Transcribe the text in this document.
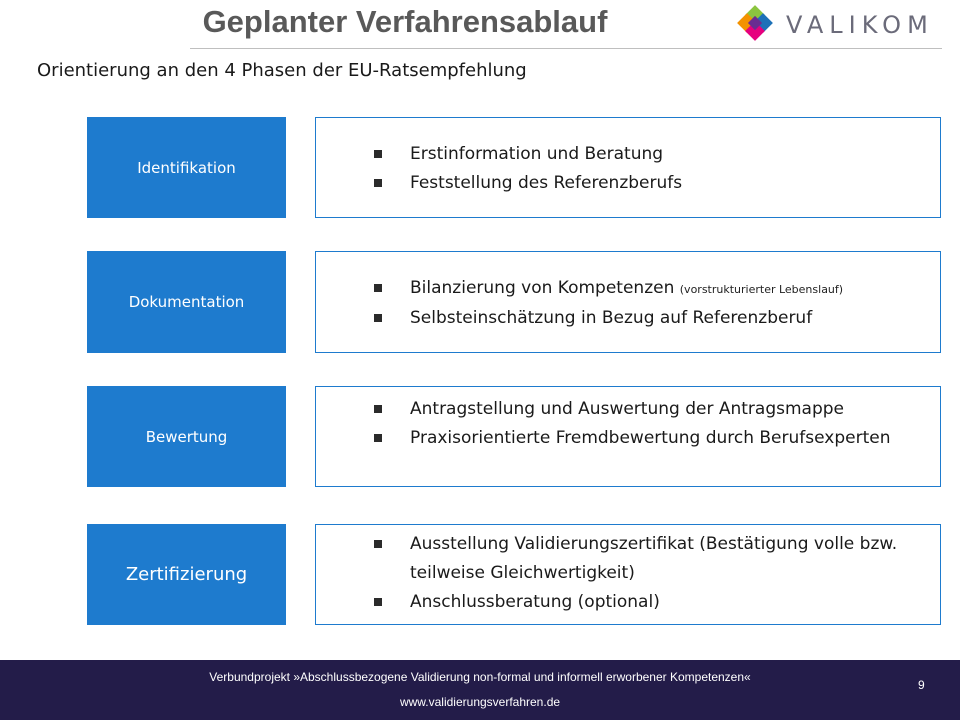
Geplanter Verfahrensablauf	VALIKOM
Orientierung an den 4 Phasen der EU-Ratsempfehlung
Identifikation
Erstinformation und Beratung
Feststellung des Referenzberufs
Dokumentation
Bilanzierung von Kompetenzen (vorstrukturierter Lebenslauf)
Selbsteinschätzung in Bezug auf Referenzberuf
Bewertung
Antragstellung und Auswertung der Antragsmappe
Praxisorientierte Fremdbewertung durch Berufsexperten
Zertifizierung
Ausstellung Validierungszertifikat (Bestätigung volle bzw. teilweise Gleichwertigkeit)
Anschlussberatung (optional)
Verbundprojekt »Abschlussbezogene Validierung non-formal und informell erworbener Kompetenzen«
www.validierungsverfahren.de
9
